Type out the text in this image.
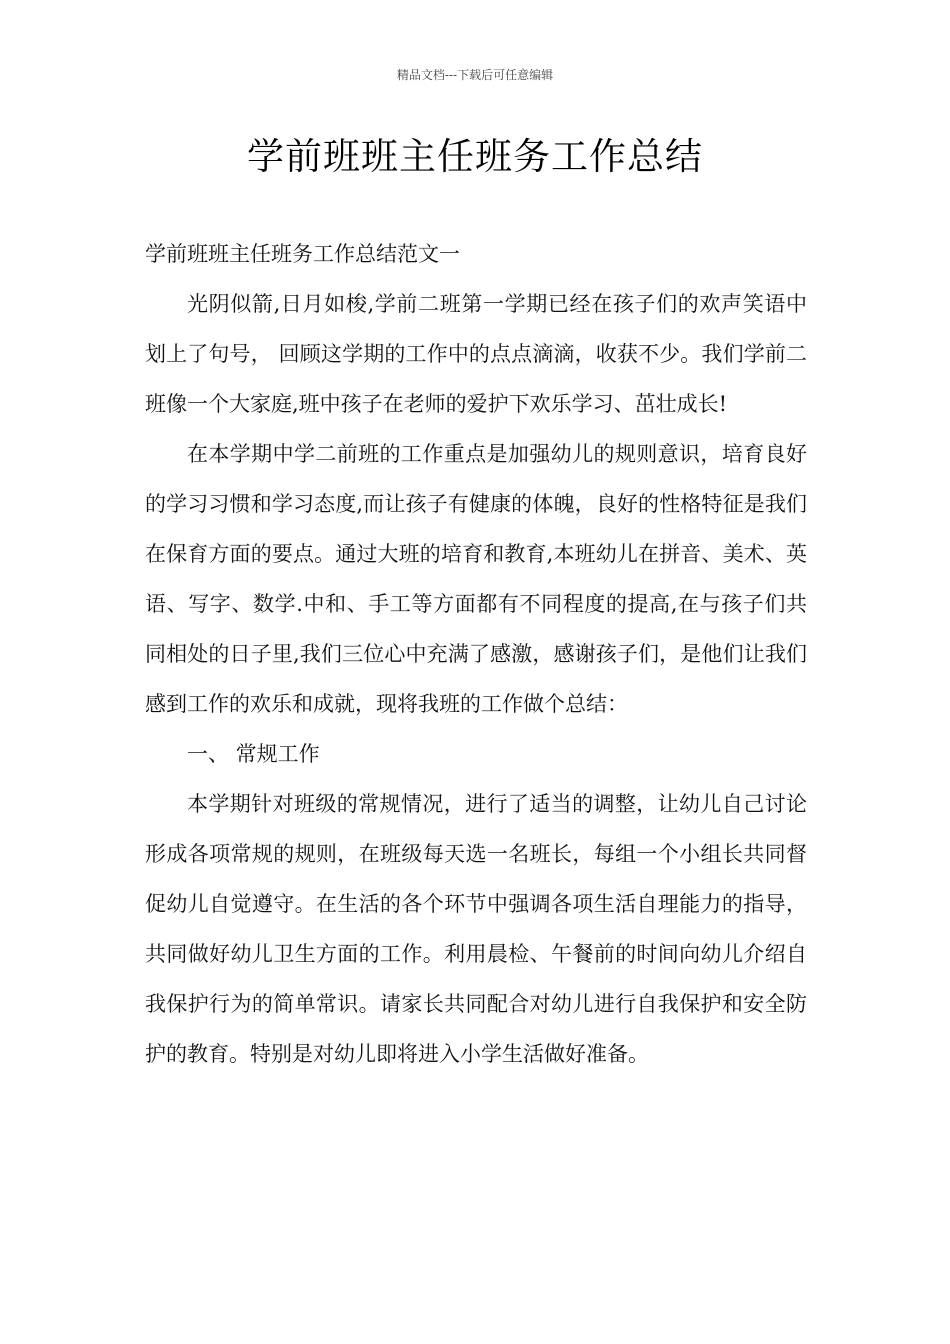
精品文档---下载后可任意编辑
学前班班主任班务工作总结

学前班班主任班务工作总结范文一

光阴似箭,日月如梭,学前二班第一学期已经在孩子们的欢声笑语中划上了句号， 回顾这学期的工作中的点点滴滴，收获不少。我们学前二班像一个大家庭,班中孩子在老师的爱护下欢乐学习、茁壮成长!

在本学期中学二前班的工作重点是加强幼儿的规则意识，培育良好的学习习惯和学习态度,而让孩子有健康的体魄，良好的性格特征是我们在保育方面的要点。通过大班的培育和教育,本班幼儿在拼音、美术、英语、写字、数学.中和、手工等方面都有不同程度的提高,在与孩子们共同相处的日子里,我们三位心中充满了感激，感谢孩子们，是他们让我们感到工作的欢乐和成就，现将我班的工作做个总结：

一、 常规工作

本学期针对班级的常规情况，进行了适当的调整，让幼儿自己讨论形成各项常规的规则，在班级每天选一名班长，每组一个小组长共同督促幼儿自觉遵守。在生活的各个环节中强调各项生活自理能力的指导，共同做好幼儿卫生方面的工作。利用晨检、午餐前的时间向幼儿介绍自我保护行为的简单常识。请家长共同配合对幼儿进行自我保护和安全防护的教育。特别是对幼儿即将进入小学生活做好准备。
